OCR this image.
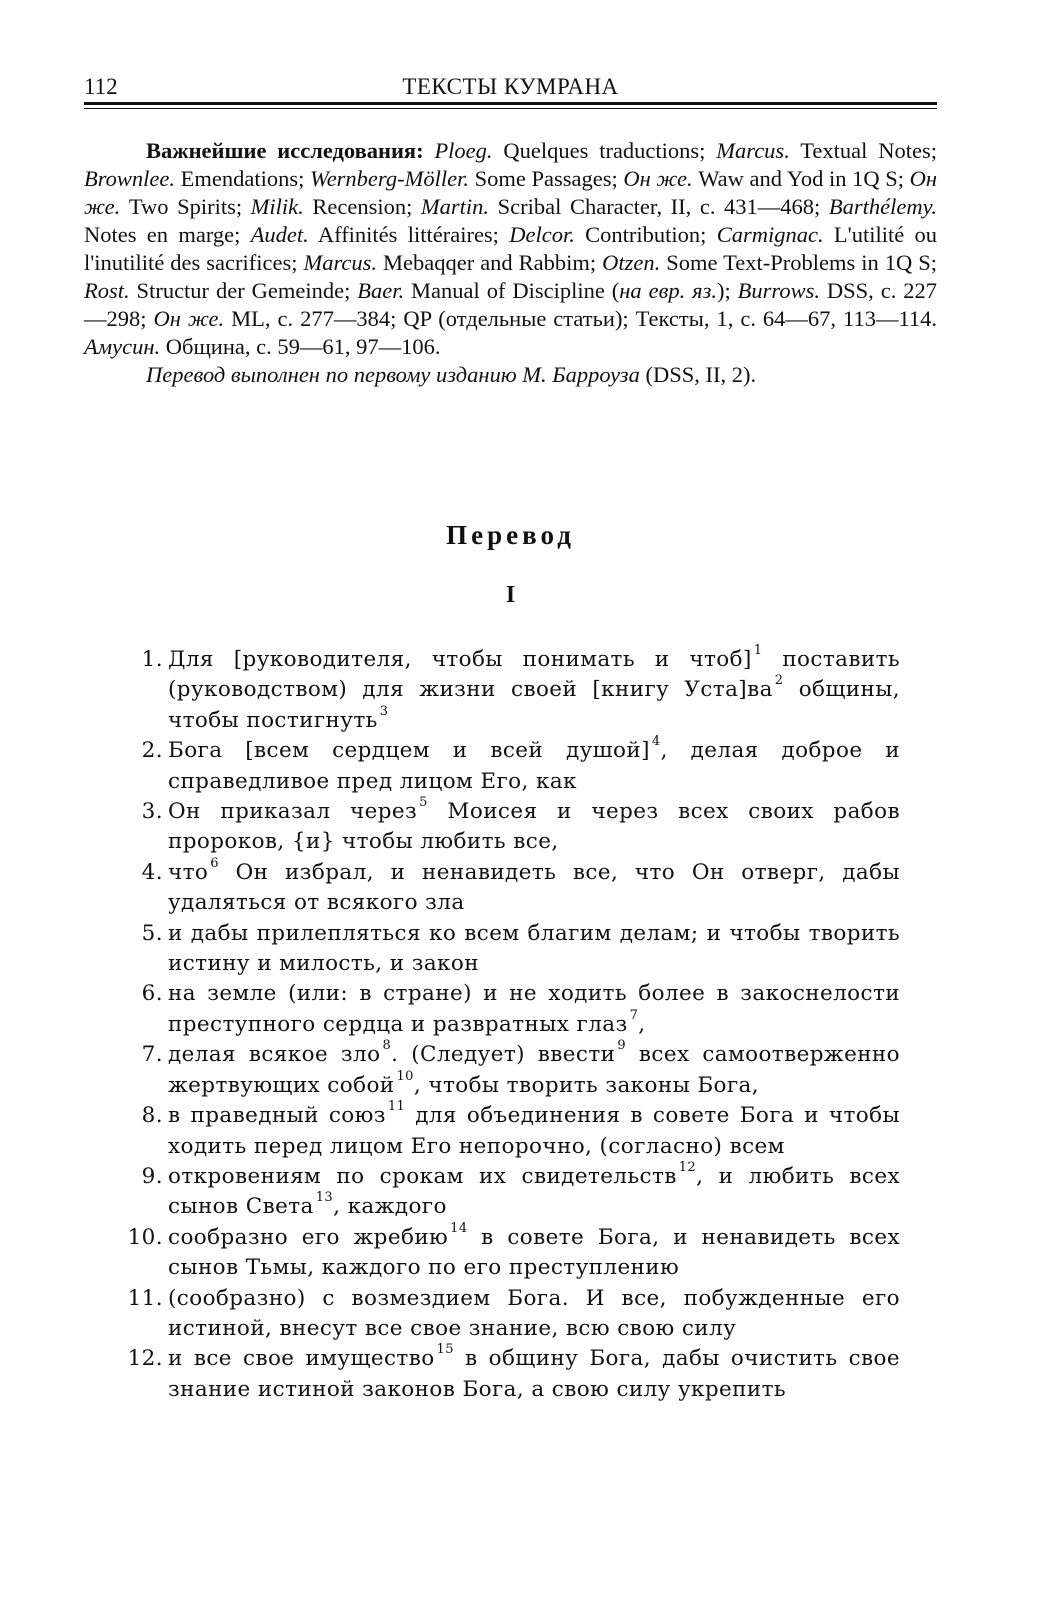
112	ТЕКСТЫ КУМРАНА

Важнейшие исследования: Ploeg. Quelques traductions; Marcus. Textual Notes; Brownlee. Emendations; Wernberg-Möller. Some Passages; Он же. Waw and Yod in 1Q S; Он же. Two Spirits; Milik. Recension; Martin. Scribal Character, II, с. 431—468; Barthélemy. Notes en marge; Audet. Affinités littéraires; Delcor. Contribution; Carmignac. L'utilité ou l'inutilité des sacrifices; Marcus. Mebaqqer and Rabbim; Otzen. Some Text-Problems in 1Q S; Rost. Structur der Gemeinde; Baer. Manual of Discipline (на евр. яз.); Burrows. DSS, с. 227—298; Он же. ML, с. 277—384; QP (отдельные статьи); Тексты, 1, с. 64—67, 113—114. Амусин. Община, с. 59—61, 97—106.

Перевод выполнен по первому изданию М. Барроуза (DSS, II, 2).

Перевод
I
1. Для [руководителя, чтобы понимать и чтоб] $^1$ поставить (руководством) для жизни своей [книгу Уста]ва $^2$ общины, чтобы постигнуть $^3$
2. Бога [всем сердцем и всей душой] $^4$, делая доброе и справедливое пред лицом Его, как
3. Он приказал через $^5$ Моисея и через всех своих рабов пророков, {и} чтобы любить все,
4. что $^6$ Он избрал, и ненавидеть все, что Он отверг, дабы удаляться от всякого зла
5. и дабы прилепляться ко всем благим делам; и чтобы творить истину и милость, и закон
6. на земле (или: в стране) и не ходить более в закоснелости преступного сердца и развратных глаз $^7$,
7. делая всякое зло $^8$. (Следует) ввести $^9$ всех самоотверженно жертвующих собой $^{10}$, чтобы творить законы Бога,
8. в праведный союз $^{11}$ для объединения в совете Бога и чтобы ходить перед лицом Его непорочно, (согласно) всем
9. откровениям по срокам их свидетельств $^{12}$, и любить всех сынов Света $^{13}$, каждого
10. сообразно его жребию $^{14}$ в совете Бога, и ненавидеть всех сынов Тьмы, каждого по его преступлению
11. (сообразно) с возмездием Бога. И все, побужденные его истиной, внесут все свое знание, всю свою силу
12. и все свое имущество $^{15}$ в общину Бога, дабы очистить свое знание истиной законов Бога, а свою силу укрепить
